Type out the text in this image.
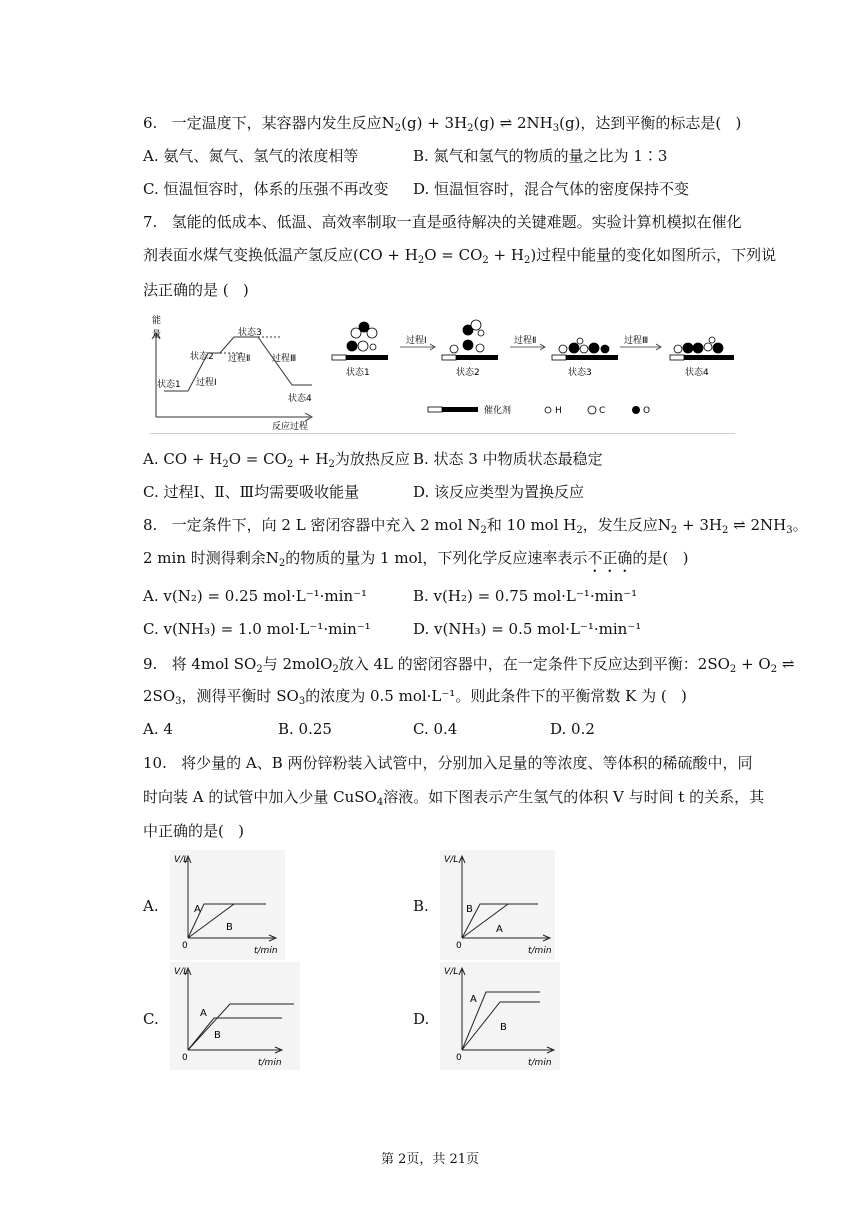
6.   一定温度下，某容器内发生反应$N_2(g) + 3H_2(g)$ ⇌ $2NH_3(g)$，达到平衡的标志是(   )
A. 氨气、氮气、氢气的浓度相等	B. 氮气和氢气的物质的量之比为 1∶3
C. 恒温恒容时，体系的压强不再改变 D. 恒温恒容时，混合气体的密度保持不变
7.   氢能的低成本、低温、高效率制取一直是亟待解决的关键难题。实验计算机模拟在催化
剂表面水煤气变换低温产氢反应$(CO + H_2O = CO_2 + H_2)$过程中能量的变化如图所示，下列说
法正确的是 (   )
能
量
状态1
状态2
状态3
状态4
过程Ⅰ
过程Ⅱ 过程Ⅲ
反应过程
过程Ⅰ	过程Ⅱ	过程Ⅲ
状态1	状态2	状态3	状态4
催化剂	H	C	O
A. CO + $H_2O = CO_2 + H_2$为放热反应 B. 状态 3 中物质状态最稳定
C. 过程Ⅰ、Ⅱ、Ⅲ均需要吸收能量	D. 该反应类型为置换反应
8.   一定条件下，向 2 L 密闭容器中充入 2 mol $N_2$和 10 mol $H_2$，发生反应$N_2 + 3H_2$ ⇌ $2NH_3$。
2 min 时测得剩余$N_2$的物质的量为 1 mol，下列化学反应速率表示不正确的是(   )
A. v(N₂) = 0.25 mol·L⁻¹·min⁻¹	B. v(H₂) = 0.75 mol·L⁻¹·min⁻¹
C. v(NH₃) = 1.0 mol·L⁻¹·min⁻¹	D. v(NH₃) = 0.5 mol·L⁻¹·min⁻¹
9.   将 4mol $SO_2$与 2molO$_2$放入 4L 的密闭容器中，在一定条件下反应达到平衡：$2SO_2 + O_2$ ⇌
$2SO_3$，测得平衡时 $SO_3$的浓度为 0.5 mol·L⁻¹。则此条件下的平衡常数 K 为 (   )
A. 4	B. 0.25	C. 0.4	D. 0.2
10.   将少量的 A、B 两份锌粉装入试管中，分别加入足量的等浓度、等体积的稀硫酸中，同
时向装 A 的试管中加入少量 CuSO$_4$溶液。如下图表示产生氢气的体积 V 与时间 t 的关系，其
中正确的是(   )
A.	B.
C.	D.
V/L
0	t/min
A
B
V/L
0	t/min
B
A
V/L
0	t/min
A
B
V/L
0	t/min
A
B
第 2页，共 21页
